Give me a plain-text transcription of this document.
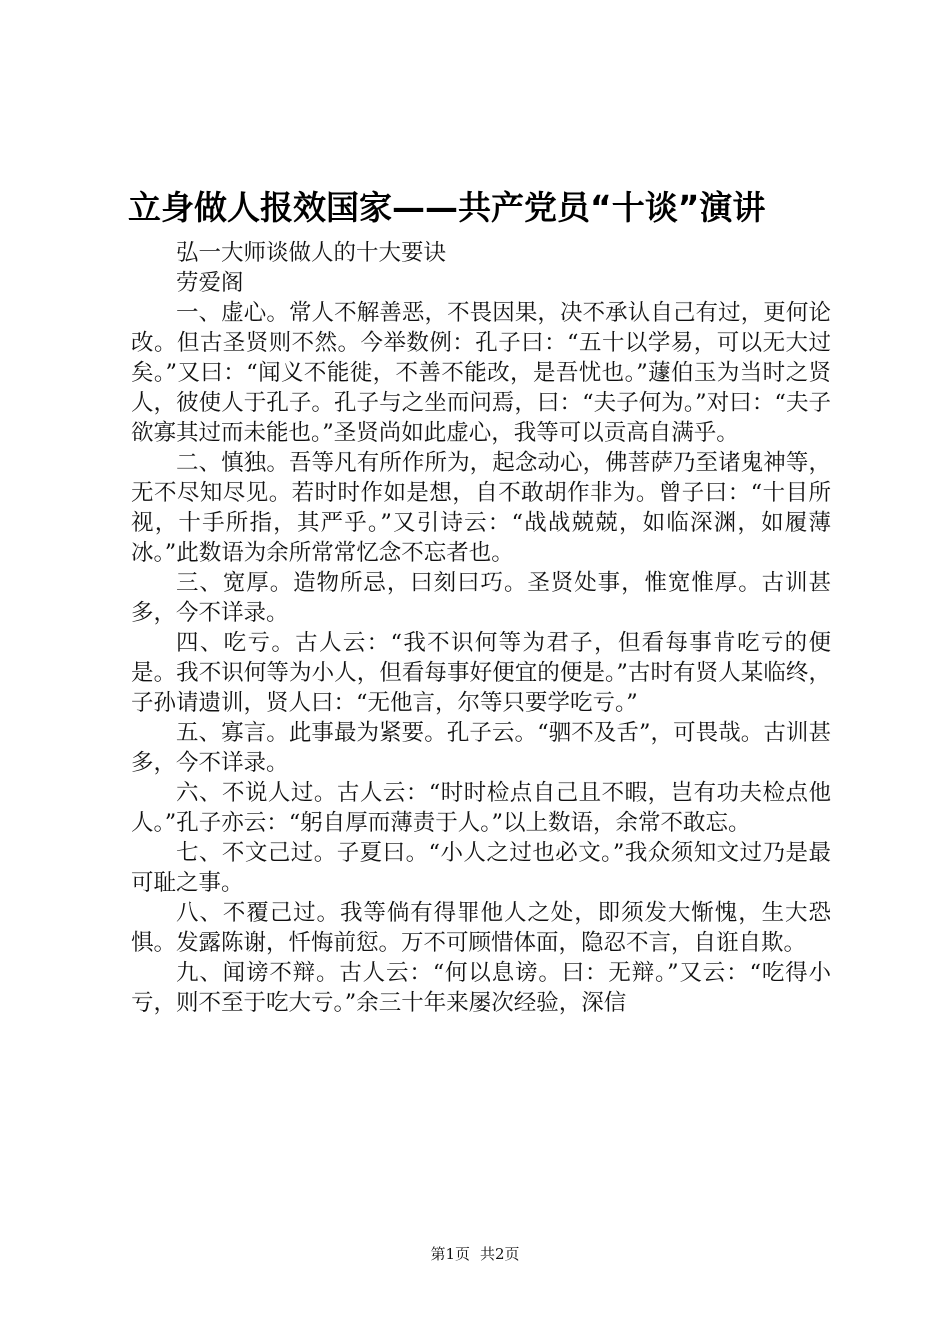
立身做人报效国家——共产党员“十谈”演讲

弘一大师谈做人的十大要诀

劳爱阁

一、虚心。常人不解善恶，不畏因果，决不承认自己有过，更何论改。但古圣贤则不然。今举数例：孔子曰：“五十以学易，可以无大过矣。”又曰：“闻义不能徙，不善不能改，是吾忧也。”蘧伯玉为当时之贤人，彼使人于孔子。孔子与之坐而问焉，曰：“夫子何为。”对曰：“夫子欲寡其过而未能也。”圣贤尚如此虚心，我等可以贡高自满乎。

二、慎独。吾等凡有所作所为，起念动心，佛菩萨乃至诸鬼神等，无不尽知尽见。若时时作如是想，自不敢胡作非为。曾子曰：“十目所视，十手所指，其严乎。”又引诗云：“战战兢兢，如临深渊，如履薄冰。”此数语为余所常常忆念不忘者也。

三、宽厚。造物所忌，曰刻曰巧。圣贤处事，惟宽惟厚。古训甚多，今不详录。

四、吃亏。古人云：“我不识何等为君子，但看每事肯吃亏的便是。我不识何等为小人，但看每事好便宜的便是。”古时有贤人某临终，子孙请遗训，贤人曰：“无他言，尔等只要学吃亏。”

五、寡言。此事最为紧要。孔子云。“驷不及舌”，可畏哉。古训甚多，今不详录。

六、不说人过。古人云：“时时检点自己且不暇，岂有功夫检点他人。”孔子亦云：“躬自厚而薄责于人。”以上数语，余常不敢忘。

七、不文己过。子夏曰。“小人之过也必文。”我众须知文过乃是最可耻之事。

八、不覆己过。我等倘有得罪他人之处，即须发大惭愧，生大恐惧。发露陈谢，忏悔前愆。万不可顾惜体面，隐忍不言，自诳自欺。

九、闻谤不辩。古人云：“何以息谤。曰：无辩。”又云：“吃得小亏，则不至于吃大亏。”余三十年来屡次经验，深信

第1页 共2页
